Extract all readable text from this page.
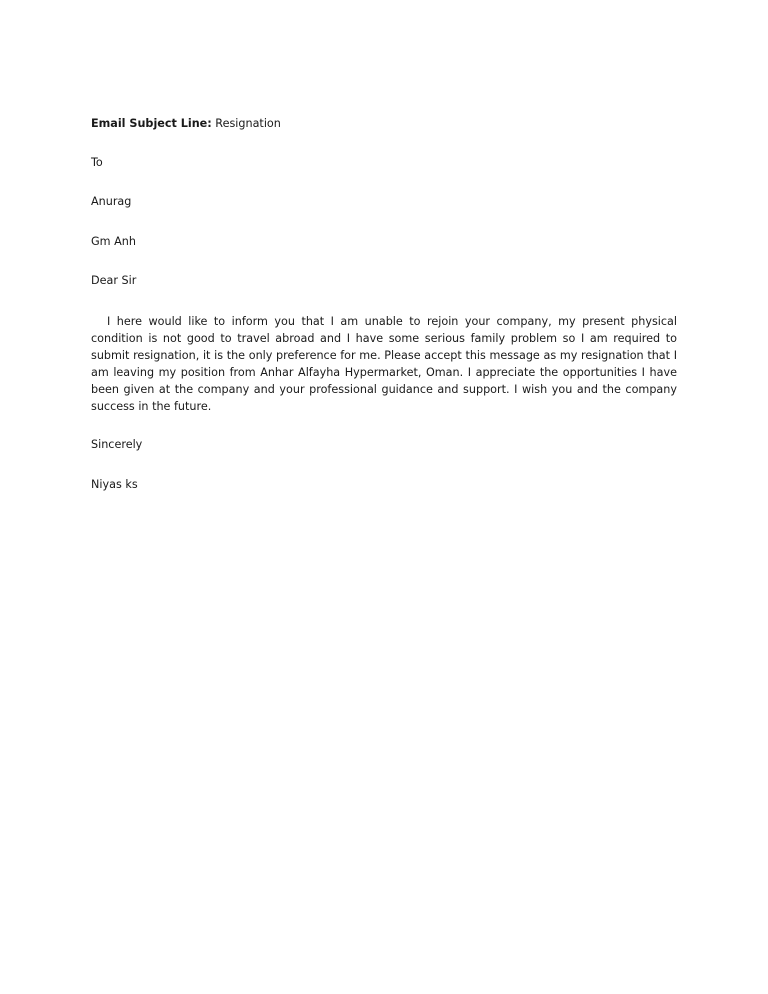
Email Subject Line: Resignation
To
Anurag
Gm Anh
Dear Sir
I here would like to inform you that I am unable to rejoin your company, my present physical condition is not good to travel abroad and I have some serious family problem so I am required to submit resignation, it is the only preference for me. Please accept this message as my resignation that I am leaving my position from Anhar Alfayha Hypermarket, Oman. I appreciate the opportunities I have been given at the company and your professional guidance and support. I wish you and the company success in the future.
Sincerely
Niyas ks
